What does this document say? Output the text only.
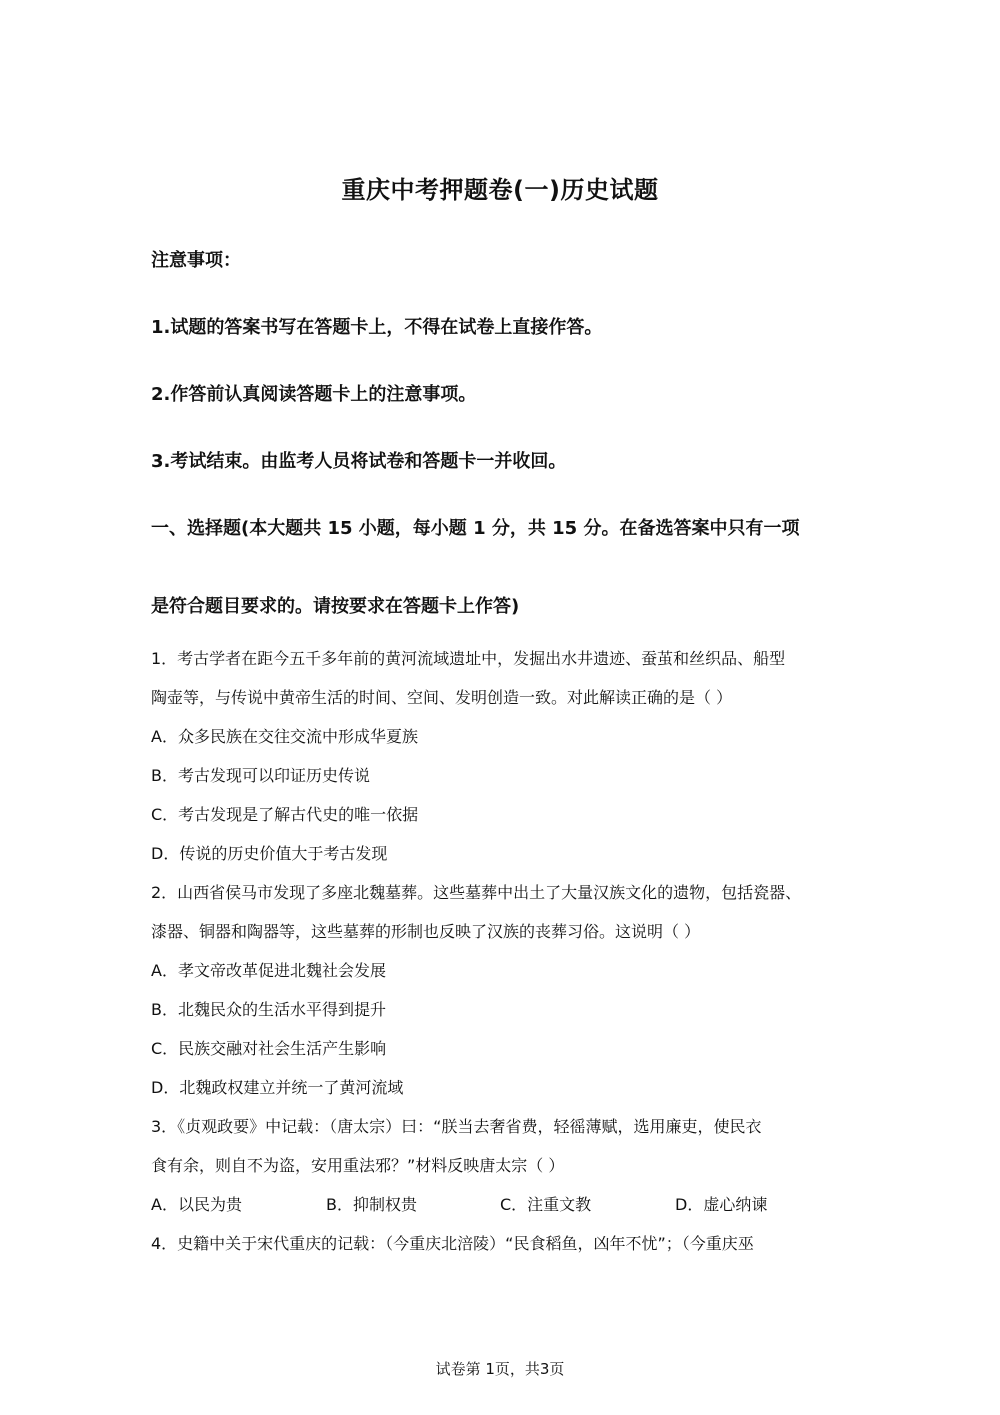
重庆中考押题卷(一)历史试题
注意事项：
1.试题的答案书写在答题卡上，不得在试卷上直接作答。
2.作答前认真阅读答题卡上的注意事项。
3.考试结束。由监考人员将试卷和答题卡一并收回。
一、选择题(本大题共 15 小题，每小题 1 分，共 15 分。在备选答案中只有一项
是符合题目要求的。请按要求在答题卡上作答)
1．考古学者在距今五千多年前的黄河流域遗址中，发掘出水井遗迹、蚕茧和丝织品、船型
陶壶等，与传说中黄帝生活的时间、空间、发明创造一致。对此解读正确的是（ ）
A．众多民族在交往交流中形成华夏族
B．考古发现可以印证历史传说
C．考古发现是了解古代史的唯一依据
D．传说的历史价值大于考古发现
2．山西省侯马市发现了多座北魏墓葬。这些墓葬中出土了大量汉族文化的遗物，包括瓷器、
漆器、铜器和陶器等，这些墓葬的形制也反映了汉族的丧葬习俗。这说明（ ）
A．孝文帝改革促进北魏社会发展
B．北魏民众的生活水平得到提升
C．民族交融对社会生活产生影响
D．北魏政权建立并统一了黄河流域
3．《贞观政要》中记载：（唐太宗）曰：“朕当去奢省费，轻徭薄赋，选用廉吏，使民衣
食有余，则自不为盗，安用重法邪？”材料反映唐太宗（ ）
A．以民为贵	B．抑制权贵	C．注重文教	D．虚心纳谏
4．史籍中关于宋代重庆的记载：（今重庆北涪陵）“民食稻鱼，凶年不忧”；（今重庆巫
试卷第 1页，共3页
